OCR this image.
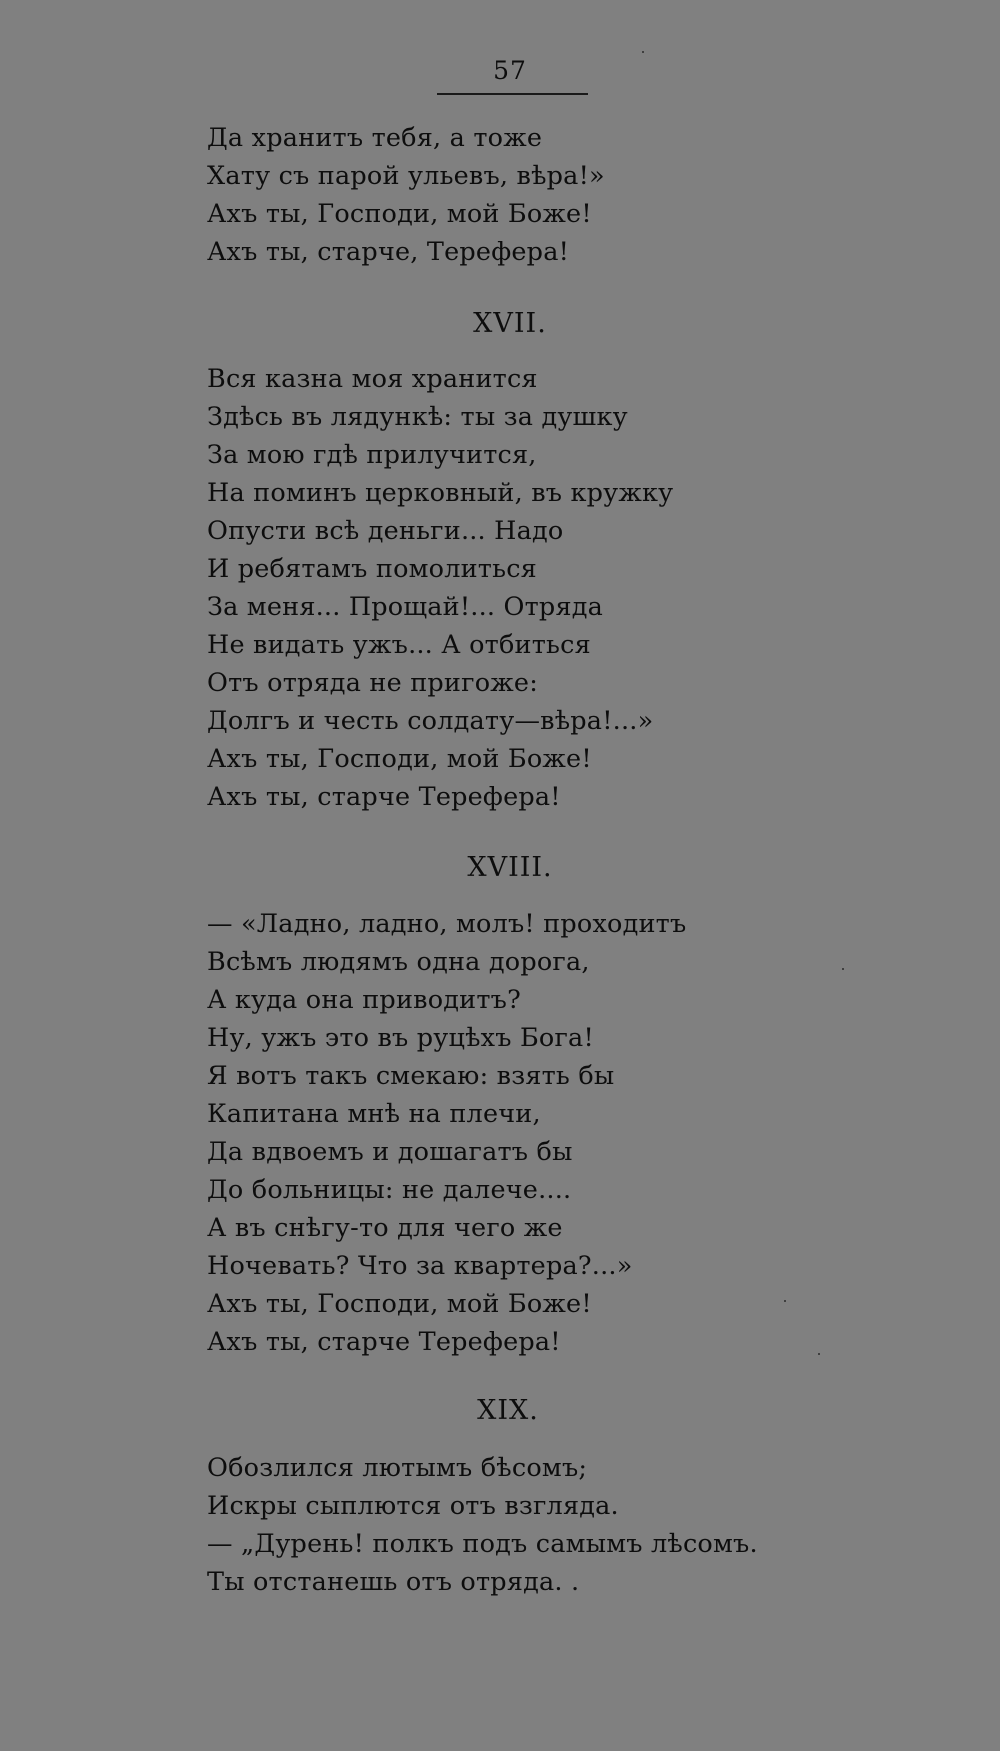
57
Да хранитъ тебя, а тоже
Хату съ парой ульевъ, вѣра!»
Ахъ ты, Господи, мой Боже!
Ахъ ты, старче, Терефера!
XVII.
Вся казна моя хранится
Здѣсь въ лядункѣ: ты за душку
За мою гдѣ прилучится,
На поминъ церковный, въ кружку
Опусти всѣ деньги... Надо
И ребятамъ помолиться
За меня... Прощай!... Отряда
Не видать ужъ... А отбиться
Отъ отряда не пригоже:
Долгъ и честь солдату—вѣра!...»
Ахъ ты, Господи, мой Боже!
Ахъ ты, старче Терефера!
XVIII.
— «Ладно, ладно, молъ! проходитъ
Всѣмъ людямъ одна дорога,
А куда она приводитъ?
Ну, ужъ это въ руцѣхъ Бога!
Я вотъ такъ смекаю: взять бы
Капитана мнѣ на плечи,
Да вдвоемъ и дошагатъ бы
До больницы: не далече....
А въ снѣгу-то для чего же
Ночевать? Что за квартера?...»
Ахъ ты, Господи, мой Боже!
Ахъ ты, старче Терефера!
XIX.
Обозлился лютымъ бѣсомъ;
Искры сыплются отъ взгляда.
— „Дурень! полкъ подъ самымъ лѣсомъ.
Ты отстанешь отъ отряда. .
